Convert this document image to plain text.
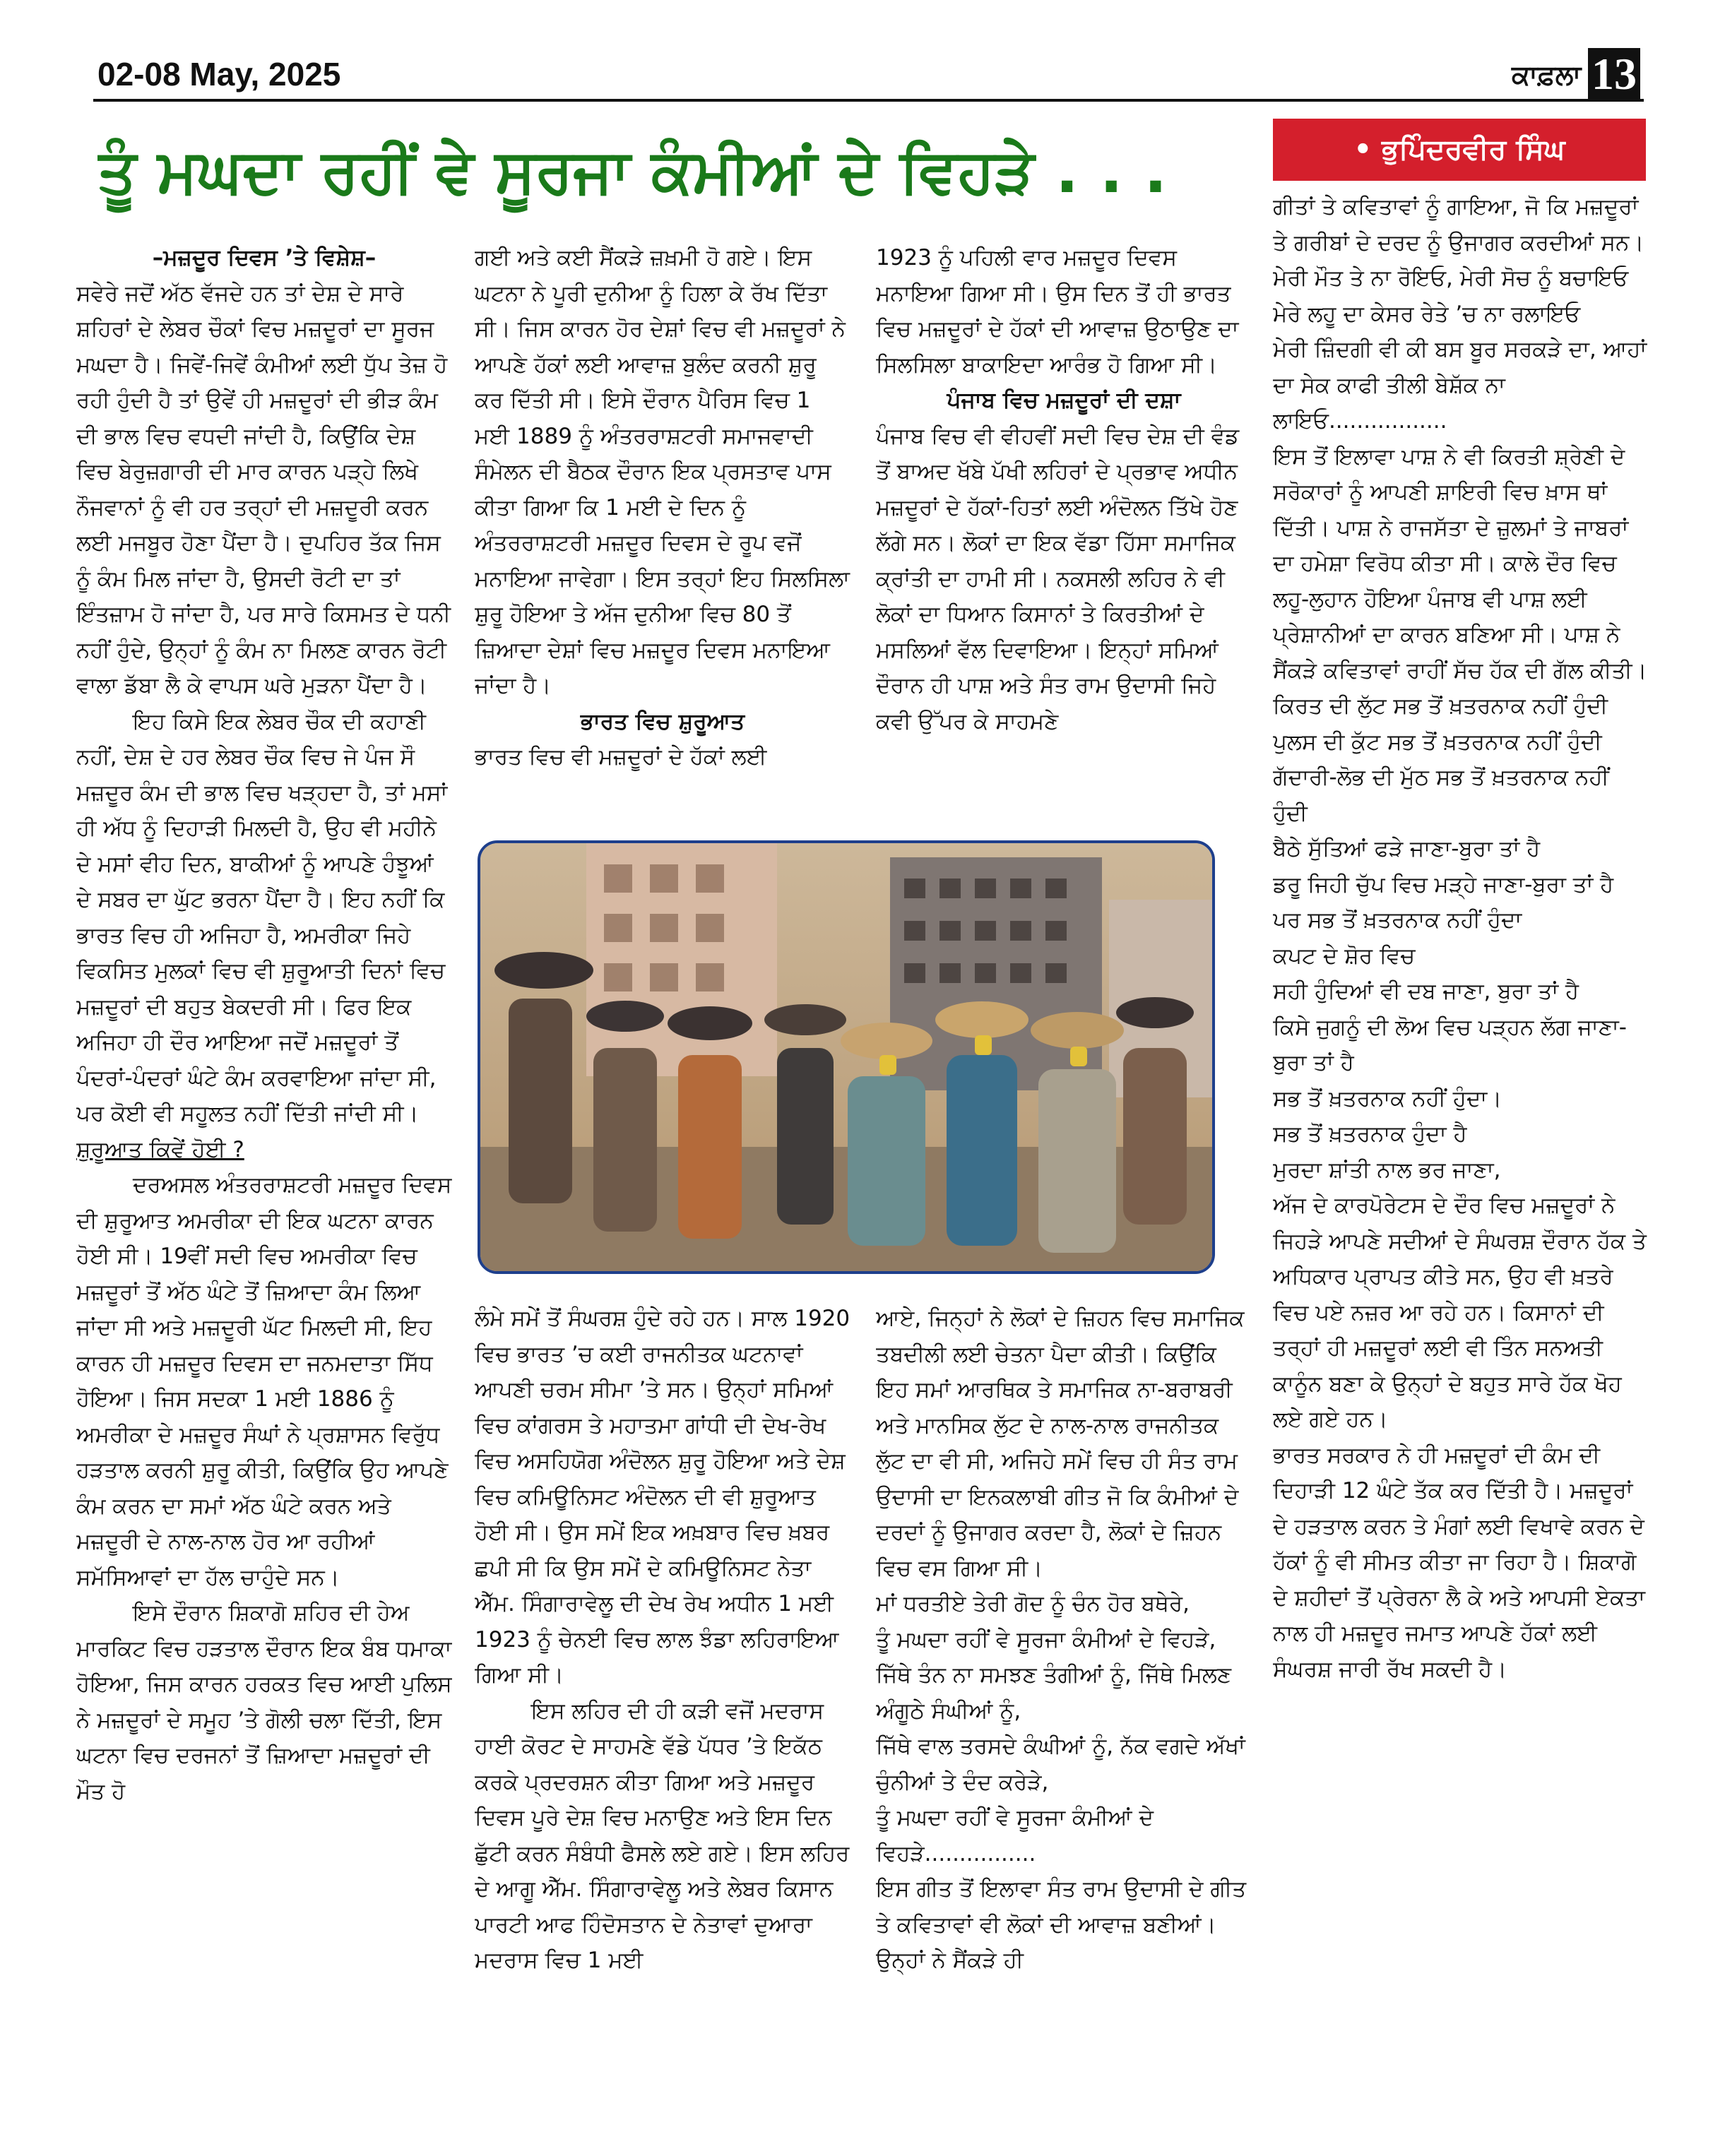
02-08 May, 2025	ਕਾਫ਼ਲਾ 13
ਤੂੰ ਮਘਦਾ ਰਹੀਂ ਵੇ ਸੂਰਜਾ ਕੰਮੀਆਂ ਦੇ ਵਿਹੜੇ . . .	• ਭੁਪਿੰਦਰਵੀਰ ਸਿੰਘ

–ਮਜ਼ਦੂਰ ਦਿਵਸ ’ਤੇ ਵਿਸ਼ੇਸ਼–

ਸਵੇਰੇ ਜਦੋਂ ਅੱਠ ਵੱਜਦੇ ਹਨ ਤਾਂ ਦੇਸ਼ ਦੇ ਸਾਰੇ ਸ਼ਹਿਰਾਂ ਦੇ ਲੇਬਰ ਚੌਕਾਂ ਵਿਚ ਮਜ਼ਦੂਰਾਂ ਦਾ ਸੂਰਜ ਮਘਦਾ ਹੈ। ਜਿਵੇਂ-ਜਿਵੇਂ ਕੰਮੀਆਂ ਲਈ ਧੁੱਪ ਤੇਜ਼ ਹੋ ਰਹੀ ਹੁੰਦੀ ਹੈ ਤਾਂ ਉਵੇਂ ਹੀ ਮਜ਼ਦੂਰਾਂ ਦੀ ਭੀੜ ਕੰਮ ਦੀ ਭਾਲ ਵਿਚ ਵਧਦੀ ਜਾਂਦੀ ਹੈ, ਕਿਉਂਕਿ ਦੇਸ਼ ਵਿਚ ਬੇਰੁਜ਼ਗਾਰੀ ਦੀ ਮਾਰ ਕਾਰਨ ਪੜ੍ਹੇ ਲਿਖੇ ਨੌਜਵਾਨਾਂ ਨੂੰ ਵੀ ਹਰ ਤਰ੍ਹਾਂ ਦੀ ਮਜ਼ਦੂਰੀ ਕਰਨ ਲਈ ਮਜਬੂਰ ਹੋਣਾ ਪੈਂਦਾ ਹੈ। ਦੁਪਹਿਰ ਤੱਕ ਜਿਸ ਨੂੰ ਕੰਮ ਮਿਲ ਜਾਂਦਾ ਹੈ, ਉਸਦੀ ਰੋਟੀ ਦਾ ਤਾਂ ਇੰਤਜ਼ਾਮ ਹੋ ਜਾਂਦਾ ਹੈ, ਪਰ ਸਾਰੇ ਕਿਸਮਤ ਦੇ ਧਨੀ ਨਹੀਂ ਹੁੰਦੇ, ਉਨ੍ਹਾਂ ਨੂੰ ਕੰਮ ਨਾ ਮਿਲਣ ਕਾਰਨ ਰੋਟੀ ਵਾਲਾ ਡੱਬਾ ਲੈ ਕੇ ਵਾਪਸ ਘਰੇ ਮੁੜਨਾ ਪੈਂਦਾ ਹੈ।

ਇਹ ਕਿਸੇ ਇਕ ਲੇਬਰ ਚੌਕ ਦੀ ਕਹਾਣੀ ਨਹੀਂ, ਦੇਸ਼ ਦੇ ਹਰ ਲੇਬਰ ਚੌਕ ਵਿਚ ਜੇ ਪੰਜ ਸੌ ਮਜ਼ਦੂਰ ਕੰਮ ਦੀ ਭਾਲ ਵਿਚ ਖੜ੍ਹਦਾ ਹੈ, ਤਾਂ ਮਸਾਂ ਹੀ ਅੱਧ ਨੂੰ ਦਿਹਾੜੀ ਮਿਲਦੀ ਹੈ, ਉਹ ਵੀ ਮਹੀਨੇ ਦੇ ਮਸਾਂ ਵੀਹ ਦਿਨ, ਬਾਕੀਆਂ ਨੂੰ ਆਪਣੇ ਹੰਝੂਆਂ ਦੇ ਸਬਰ ਦਾ ਘੁੱਟ ਭਰਨਾ ਪੈਂਦਾ ਹੈ। ਇਹ ਨਹੀਂ ਕਿ ਭਾਰਤ ਵਿਚ ਹੀ ਅਜਿਹਾ ਹੈ, ਅਮਰੀਕਾ ਜਿਹੇ ਵਿਕਸਿਤ ਮੁਲਕਾਂ ਵਿਚ ਵੀ ਸ਼ੁਰੂਆਤੀ ਦਿਨਾਂ ਵਿਚ ਮਜ਼ਦੂਰਾਂ ਦੀ ਬਹੁਤ ਬੇਕਦਰੀ ਸੀ। ਫਿਰ ਇਕ ਅਜਿਹਾ ਹੀ ਦੌਰ ਆਇਆ ਜਦੋਂ ਮਜ਼ਦੂਰਾਂ ਤੋਂ ਪੰਦਰਾਂ-ਪੰਦਰਾਂ ਘੰਟੇ ਕੰਮ ਕਰਵਾਇਆ ਜਾਂਦਾ ਸੀ, ਪਰ ਕੋਈ ਵੀ ਸਹੂਲਤ ਨਹੀਂ ਦਿੱਤੀ ਜਾਂਦੀ ਸੀ।

ਸ਼ੁਰੂਆਤ ਕਿਵੇਂ ਹੋਈ ?

ਦਰਅਸਲ ਅੰਤਰਰਾਸ਼ਟਰੀ ਮਜ਼ਦੂਰ ਦਿਵਸ ਦੀ ਸ਼ੁਰੂਆਤ ਅਮਰੀਕਾ ਦੀ ਇਕ ਘਟਨਾ ਕਾਰਨ ਹੋਈ ਸੀ। 19ਵੀਂ ਸਦੀ ਵਿਚ ਅਮਰੀਕਾ ਵਿਚ ਮਜ਼ਦੂਰਾਂ ਤੋਂ ਅੱਠ ਘੰਟੇ ਤੋਂ ਜ਼ਿਆਦਾ ਕੰਮ ਲਿਆ ਜਾਂਦਾ ਸੀ ਅਤੇ ਮਜ਼ਦੂਰੀ ਘੱਟ ਮਿਲਦੀ ਸੀ, ਇਹ ਕਾਰਨ ਹੀ ਮਜ਼ਦੂਰ ਦਿਵਸ ਦਾ ਜਨਮਦਾਤਾ ਸਿੱਧ ਹੋਇਆ। ਜਿਸ ਸਦਕਾ 1 ਮਈ 1886 ਨੂੰ ਅਮਰੀਕਾ ਦੇ ਮਜ਼ਦੂਰ ਸੰਘਾਂ ਨੇ ਪ੍ਰਸ਼ਾਸਨ ਵਿਰੁੱਧ ਹੜਤਾਲ ਕਰਨੀ ਸ਼ੁਰੂ ਕੀਤੀ, ਕਿਉਂਕਿ ਉਹ ਆਪਣੇ ਕੰਮ ਕਰਨ ਦਾ ਸਮਾਂ ਅੱਠ ਘੰਟੇ ਕਰਨ ਅਤੇ ਮਜ਼ਦੂਰੀ ਦੇ ਨਾਲ-ਨਾਲ ਹੋਰ ਆ ਰਹੀਆਂ ਸਮੱਸਿਆਵਾਂ ਦਾ ਹੱਲ ਚਾਹੁੰਦੇ ਸਨ।

ਇਸੇ ਦੌਰਾਨ ਸ਼ਿਕਾਗੋ ਸ਼ਹਿਰ ਦੀ ਹੇਅ ਮਾਰਕਿਟ ਵਿਚ ਹੜਤਾਲ ਦੌਰਾਨ ਇਕ ਬੰਬ ਧਮਾਕਾ ਹੋਇਆ, ਜਿਸ ਕਾਰਨ ਹਰਕਤ ਵਿਚ ਆਈ ਪੁਲਿਸ ਨੇ ਮਜ਼ਦੂਰਾਂ ਦੇ ਸਮੂਹ ’ਤੇ ਗੋਲੀ ਚਲਾ ਦਿੱਤੀ, ਇਸ ਘਟਨਾ ਵਿਚ ਦਰਜਨਾਂ ਤੋਂ ਜ਼ਿਆਦਾ ਮਜ਼ਦੂਰਾਂ ਦੀ ਮੌਤ ਹੋ

ਗਈ ਅਤੇ ਕਈ ਸੈਂਕੜੇ ਜ਼ਖ਼ਮੀ ਹੋ ਗਏ। ਇਸ ਘਟਨਾ ਨੇ ਪੂਰੀ ਦੁਨੀਆ ਨੂੰ ਹਿਲਾ ਕੇ ਰੱਖ ਦਿੱਤਾ ਸੀ। ਜਿਸ ਕਾਰਨ ਹੋਰ ਦੇਸ਼ਾਂ ਵਿਚ ਵੀ ਮਜ਼ਦੂਰਾਂ ਨੇ ਆਪਣੇ ਹੱਕਾਂ ਲਈ ਆਵਾਜ਼ ਬੁਲੰਦ ਕਰਨੀ ਸ਼ੁਰੂ ਕਰ ਦਿੱਤੀ ਸੀ। ਇਸੇ ਦੌਰਾਨ ਪੈਰਿਸ ਵਿਚ 1 ਮਈ 1889 ਨੂੰ ਅੰਤਰਰਾਸ਼ਟਰੀ ਸਮਾਜਵਾਦੀ ਸੰਮੇਲਨ ਦੀ ਬੈਠਕ ਦੌਰਾਨ ਇਕ ਪ੍ਰਸਤਾਵ ਪਾਸ ਕੀਤਾ ਗਿਆ ਕਿ 1 ਮਈ ਦੇ ਦਿਨ ਨੂੰ ਅੰਤਰਰਾਸ਼ਟਰੀ ਮਜ਼ਦੂਰ ਦਿਵਸ ਦੇ ਰੂਪ ਵਜੋਂ ਮਨਾਇਆ ਜਾਵੇਗਾ। ਇਸ ਤਰ੍ਹਾਂ ਇਹ ਸਿਲਸਿਲਾ ਸ਼ੁਰੂ ਹੋਇਆ ਤੇ ਅੱਜ ਦੁਨੀਆ ਵਿਚ 80 ਤੋਂ ਜ਼ਿਆਦਾ ਦੇਸ਼ਾਂ ਵਿਚ ਮਜ਼ਦੂਰ ਦਿਵਸ ਮਨਾਇਆ ਜਾਂਦਾ ਹੈ।

ਭਾਰਤ ਵਿਚ ਸ਼ੁਰੂਆਤ

ਭਾਰਤ ਵਿਚ ਵੀ ਮਜ਼ਦੂਰਾਂ ਦੇ ਹੱਕਾਂ ਲਈ

1923 ਨੂੰ ਪਹਿਲੀ ਵਾਰ ਮਜ਼ਦੂਰ ਦਿਵਸ ਮਨਾਇਆ ਗਿਆ ਸੀ। ਉਸ ਦਿਨ ਤੋਂ ਹੀ ਭਾਰਤ ਵਿਚ ਮਜ਼ਦੂਰਾਂ ਦੇ ਹੱਕਾਂ ਦੀ ਆਵਾਜ਼ ਉਠਾਉਣ ਦਾ ਸਿਲਸਿਲਾ ਬਾਕਾਇਦਾ ਆਰੰਭ ਹੋ ਗਿਆ ਸੀ।

ਪੰਜਾਬ ਵਿਚ ਮਜ਼ਦੂਰਾਂ ਦੀ ਦਸ਼ਾ

ਪੰਜਾਬ ਵਿਚ ਵੀ ਵੀਹਵੀਂ ਸਦੀ ਵਿਚ ਦੇਸ਼ ਦੀ ਵੰਡ ਤੋਂ ਬਾਅਦ ਖੱਬੇ ਪੱਖੀ ਲਹਿਰਾਂ ਦੇ ਪ੍ਰਭਾਵ ਅਧੀਨ ਮਜ਼ਦੂਰਾਂ ਦੇ ਹੱਕਾਂ-ਹਿਤਾਂ ਲਈ ਅੰਦੋਲਨ ਤਿੱਖੇ ਹੋਣ ਲੱਗੇ ਸਨ। ਲੋਕਾਂ ਦਾ ਇਕ ਵੱਡਾ ਹਿੱਸਾ ਸਮਾਜਿਕ ਕ੍ਰਾਂਤੀ ਦਾ ਹਾਮੀ ਸੀ। ਨਕਸਲੀ ਲਹਿਰ ਨੇ ਵੀ ਲੋਕਾਂ ਦਾ ਧਿਆਨ ਕਿਸਾਨਾਂ ਤੇ ਕਿਰਤੀਆਂ ਦੇ ਮਸਲਿਆਂ ਵੱਲ ਦਿਵਾਇਆ। ਇਨ੍ਹਾਂ ਸਮਿਆਂ ਦੌਰਾਨ ਹੀ ਪਾਸ਼ ਅਤੇ ਸੰਤ ਰਾਮ ਉਦਾਸੀ ਜਿਹੇ ਕਵੀ ਉੱਪਰ ਕੇ ਸਾਹਮਣੇ

ਲੰਮੇ ਸਮੇਂ ਤੋਂ ਸੰਘਰਸ਼ ਹੁੰਦੇ ਰਹੇ ਹਨ। ਸਾਲ 1920 ਵਿਚ ਭਾਰਤ ’ਚ ਕਈ ਰਾਜਨੀਤਕ ਘਟਨਾਵਾਂ ਆਪਣੀ ਚਰਮ ਸੀਮਾ ’ਤੇ ਸਨ। ਉਨ੍ਹਾਂ ਸਮਿਆਂ ਵਿਚ ਕਾਂਗਰਸ ਤੇ ਮਹਾਤਮਾ ਗਾਂਧੀ ਦੀ ਦੇਖ-ਰੇਖ ਵਿਚ ਅਸਹਿਯੋਗ ਅੰਦੋਲਨ ਸ਼ੁਰੂ ਹੋਇਆ ਅਤੇ ਦੇਸ਼ ਵਿਚ ਕਮਿਊਨਿਸਟ ਅੰਦੋਲਨ ਦੀ ਵੀ ਸ਼ੁਰੂਆਤ ਹੋਈ ਸੀ। ਉਸ ਸਮੇਂ ਇਕ ਅਖ਼ਬਾਰ ਵਿਚ ਖ਼ਬਰ ਛਪੀ ਸੀ ਕਿ ਉਸ ਸਮੇਂ ਦੇ ਕਮਿਊਨਿਸਟ ਨੇਤਾ ਐੱਮ. ਸਿੰਗਾਰਾਵੇਲੂ ਦੀ ਦੇਖ ਰੇਖ ਅਧੀਨ 1 ਮਈ 1923 ਨੂੰ ਚੇਨਈ ਵਿਚ ਲਾਲ ਝੰਡਾ ਲਹਿਰਾਇਆ ਗਿਆ ਸੀ।

ਇਸ ਲਹਿਰ ਦੀ ਹੀ ਕੜੀ ਵਜੋਂ ਮਦਰਾਸ ਹਾਈ ਕੋਰਟ ਦੇ ਸਾਹਮਣੇ ਵੱਡੇ ਪੱਧਰ ’ਤੇ ਇਕੱਠ ਕਰਕੇ ਪ੍ਰਦਰਸ਼ਨ ਕੀਤਾ ਗਿਆ ਅਤੇ ਮਜ਼ਦੂਰ ਦਿਵਸ ਪੂਰੇ ਦੇਸ਼ ਵਿਚ ਮਨਾਉਣ ਅਤੇ ਇਸ ਦਿਨ ਛੁੱਟੀ ਕਰਨ ਸੰਬੰਧੀ ਫੈਸਲੇ ਲਏ ਗਏ। ਇਸ ਲਹਿਰ ਦੇ ਆਗੂ ਐੱਮ. ਸਿੰਗਾਰਾਵੇਲੂ ਅਤੇ ਲੇਬਰ ਕਿਸਾਨ ਪਾਰਟੀ ਆਫ ਹਿੰਦੋਸਤਾਨ ਦੇ ਨੇਤਾਵਾਂ ਦੁਆਰਾ ਮਦਰਾਸ ਵਿਚ 1 ਮਈ

ਆਏ, ਜਿਨ੍ਹਾਂ ਨੇ ਲੋਕਾਂ ਦੇ ਜ਼ਿਹਨ ਵਿਚ ਸਮਾਜਿਕ ਤਬਦੀਲੀ ਲਈ ਚੇਤਨਾ ਪੈਦਾ ਕੀਤੀ। ਕਿਉਂਕਿ ਇਹ ਸਮਾਂ ਆਰਥਿਕ ਤੇ ਸਮਾਜਿਕ ਨਾ-ਬਰਾਬਰੀ ਅਤੇ ਮਾਨਸਿਕ ਲੁੱਟ ਦੇ ਨਾਲ-ਨਾਲ ਰਾਜਨੀਤਕ ਲੁੱਟ ਦਾ ਵੀ ਸੀ, ਅਜਿਹੇ ਸਮੇਂ ਵਿਚ ਹੀ ਸੰਤ ਰਾਮ ਉਦਾਸੀ ਦਾ ਇਨਕਲਾਬੀ ਗੀਤ ਜੋ ਕਿ ਕੰਮੀਆਂ ਦੇ ਦਰਦਾਂ ਨੂੰ ਉਜਾਗਰ ਕਰਦਾ ਹੈ, ਲੋਕਾਂ ਦੇ ਜ਼ਿਹਨ ਵਿਚ ਵਸ ਗਿਆ ਸੀ।

ਮਾਂ ਧਰਤੀਏ ਤੇਰੀ ਗੋਦ ਨੂੰ ਚੰਨ ਹੋਰ ਬਥੇਰੇ,

ਤੂੰ ਮਘਦਾ ਰਹੀਂ ਵੇ ਸੂਰਜਾ ਕੰਮੀਆਂ ਦੇ ਵਿਹੜੇ,

ਜਿੱਥੇ ਤੰਨ ਨਾ ਸਮਝਣ ਤੰਗੀਆਂ ਨੂੰ, ਜਿੱਥੇ ਮਿਲਣ ਅੰਗੂਠੇ ਸੰਘੀਆਂ ਨੂੰ,

ਜਿੱਥੇ ਵਾਲ ਤਰਸਦੇ ਕੰਘੀਆਂ ਨੂੰ, ਨੱਕ ਵਗਦੇ ਅੱਖਾਂ ਚੁੰਨੀਆਂ ਤੇ ਦੰਦ ਕਰੇੜੇ,

ਤੂੰ ਮਘਦਾ ਰਹੀਂ ਵੇ ਸੂਰਜਾ ਕੰਮੀਆਂ ਦੇ ਵਿਹੜੇ................

ਇਸ ਗੀਤ ਤੋਂ ਇਲਾਵਾ ਸੰਤ ਰਾਮ ਉਦਾਸੀ ਦੇ ਗੀਤ ਤੇ ਕਵਿਤਾਵਾਂ ਵੀ ਲੋਕਾਂ ਦੀ ਆਵਾਜ਼ ਬਣੀਆਂ। ਉਨ੍ਹਾਂ ਨੇ ਸੈਂਕੜੇ ਹੀ

ਗੀਤਾਂ ਤੇ ਕਵਿਤਾਵਾਂ ਨੂੰ ਗਾਇਆ, ਜੋ ਕਿ ਮਜ਼ਦੂਰਾਂ ਤੇ ਗਰੀਬਾਂ ਦੇ ਦਰਦ ਨੂੰ ਉਜਾਗਰ ਕਰਦੀਆਂ ਸਨ।

ਮੇਰੀ ਮੌਤ ਤੇ ਨਾ ਰੋਇਓ, ਮੇਰੀ ਸੋਚ ਨੂੰ ਬਚਾਇਓ

ਮੇਰੇ ਲਹੂ ਦਾ ਕੇਸਰ ਰੇਤੇ ’ਚ ਨਾ ਰਲਾਇਓ

ਮੇਰੀ ਜ਼ਿੰਦਗੀ ਵੀ ਕੀ ਬਸ ਬੂਰ ਸਰਕੜੇ ਦਾ, ਆਹਾਂ ਦਾ ਸੇਕ ਕਾਫੀ ਤੀਲੀ ਬੇਸ਼ੱਕ ਨਾ ਲਾਇਓ.................

ਇਸ ਤੋਂ ਇਲਾਵਾ ਪਾਸ਼ ਨੇ ਵੀ ਕਿਰਤੀ ਸ਼੍ਰੇਣੀ ਦੇ ਸਰੋਕਾਰਾਂ ਨੂੰ ਆਪਣੀ ਸ਼ਾਇਰੀ ਵਿਚ ਖ਼ਾਸ ਥਾਂ ਦਿੱਤੀ। ਪਾਸ਼ ਨੇ ਰਾਜਸੱਤਾ ਦੇ ਜ਼ੁਲਮਾਂ ਤੇ ਜਾਬਰਾਂ ਦਾ ਹਮੇਸ਼ਾ ਵਿਰੋਧ ਕੀਤਾ ਸੀ। ਕਾਲੇ ਦੌਰ ਵਿਚ ਲਹੂ-ਲੁਹਾਨ ਹੋਇਆ ਪੰਜਾਬ ਵੀ ਪਾਸ਼ ਲਈ ਪ੍ਰੇਸ਼ਾਨੀਆਂ ਦਾ ਕਾਰਨ ਬਣਿਆ ਸੀ। ਪਾਸ਼ ਨੇ ਸੈਂਕੜੇ ਕਵਿਤਾਵਾਂ ਰਾਹੀਂ ਸੱਚ ਹੱਕ ਦੀ ਗੱਲ ਕੀਤੀ।

ਕਿਰਤ ਦੀ ਲੁੱਟ ਸਭ ਤੋਂ ਖ਼ਤਰਨਾਕ ਨਹੀਂ ਹੁੰਦੀ

ਪੁਲਸ ਦੀ ਕੁੱਟ ਸਭ ਤੋਂ ਖ਼ਤਰਨਾਕ ਨਹੀਂ ਹੁੰਦੀ

ਗੱਦਾਰੀ-ਲੋਭ ਦੀ ਮੁੱਠ ਸਭ ਤੋਂ ਖ਼ਤਰਨਾਕ ਨਹੀਂ ਹੁੰਦੀ

ਬੈਠੇ ਸੁੱਤਿਆਂ ਫੜੇ ਜਾਣਾ-ਬੁਰਾ ਤਾਂ ਹੈ

ਡਰੂ ਜਿਹੀ ਚੁੱਪ ਵਿਚ ਮੜ੍ਹੇ ਜਾਣਾ-ਬੁਰਾ ਤਾਂ ਹੈ

ਪਰ ਸਭ ਤੋਂ ਖ਼ਤਰਨਾਕ ਨਹੀਂ ਹੁੰਦਾ

ਕਪਟ ਦੇ ਸ਼ੋਰ ਵਿਚ

ਸਹੀ ਹੁੰਦਿਆਂ ਵੀ ਦਬ ਜਾਣਾ, ਬੁਰਾ ਤਾਂ ਹੈ

ਕਿਸੇ ਜੁਗਨੂੰ ਦੀ ਲੋਅ ਵਿਚ ਪੜ੍ਹਨ ਲੱਗ ਜਾਣਾ-ਬੁਰਾ ਤਾਂ ਹੈ

ਸਭ ਤੋਂ ਖ਼ਤਰਨਾਕ ਨਹੀਂ ਹੁੰਦਾ।

ਸਭ ਤੋਂ ਖ਼ਤਰਨਾਕ ਹੁੰਦਾ ਹੈ

ਮੁਰਦਾ ਸ਼ਾਂਤੀ ਨਾਲ ਭਰ ਜਾਣਾ,

ਅੱਜ ਦੇ ਕਾਰਪੋਰੇਟਸ ਦੇ ਦੌਰ ਵਿਚ ਮਜ਼ਦੂਰਾਂ ਨੇ ਜਿਹੜੇ ਆਪਣੇ ਸਦੀਆਂ ਦੇ ਸੰਘਰਸ਼ ਦੌਰਾਨ ਹੱਕ ਤੇ ਅਧਿਕਾਰ ਪ੍ਰਾਪਤ ਕੀਤੇ ਸਨ, ਉਹ ਵੀ ਖ਼ਤਰੇ ਵਿਚ ਪਏ ਨਜ਼ਰ ਆ ਰਹੇ ਹਨ। ਕਿਸਾਨਾਂ ਦੀ ਤਰ੍ਹਾਂ ਹੀ ਮਜ਼ਦੂਰਾਂ ਲਈ ਵੀ ਤਿੰਨ ਸਨਅਤੀ ਕਾਨੂੰਨ ਬਣਾ ਕੇ ਉਨ੍ਹਾਂ ਦੇ ਬਹੁਤ ਸਾਰੇ ਹੱਕ ਖੋਹ ਲਏ ਗਏ ਹਨ।

ਭਾਰਤ ਸਰਕਾਰ ਨੇ ਹੀ ਮਜ਼ਦੂਰਾਂ ਦੀ ਕੰਮ ਦੀ ਦਿਹਾੜੀ 12 ਘੰਟੇ ਤੱਕ ਕਰ ਦਿੱਤੀ ਹੈ। ਮਜ਼ਦੂਰਾਂ ਦੇ ਹੜਤਾਲ ਕਰਨ ਤੇ ਮੰਗਾਂ ਲਈ ਵਿਖਾਵੇ ਕਰਨ ਦੇ ਹੱਕਾਂ ਨੂੰ ਵੀ ਸੀਮਤ ਕੀਤਾ ਜਾ ਰਿਹਾ ਹੈ। ਸ਼ਿਕਾਗੋ ਦੇ ਸ਼ਹੀਦਾਂ ਤੋਂ ਪ੍ਰੇਰਨਾ ਲੈ ਕੇ ਅਤੇ ਆਪਸੀ ਏਕਤਾ ਨਾਲ ਹੀ ਮਜ਼ਦੂਰ ਜਮਾਤ ਆਪਣੇ ਹੱਕਾਂ ਲਈ ਸੰਘਰਸ਼ ਜਾਰੀ ਰੱਖ ਸਕਦੀ ਹੈ।
